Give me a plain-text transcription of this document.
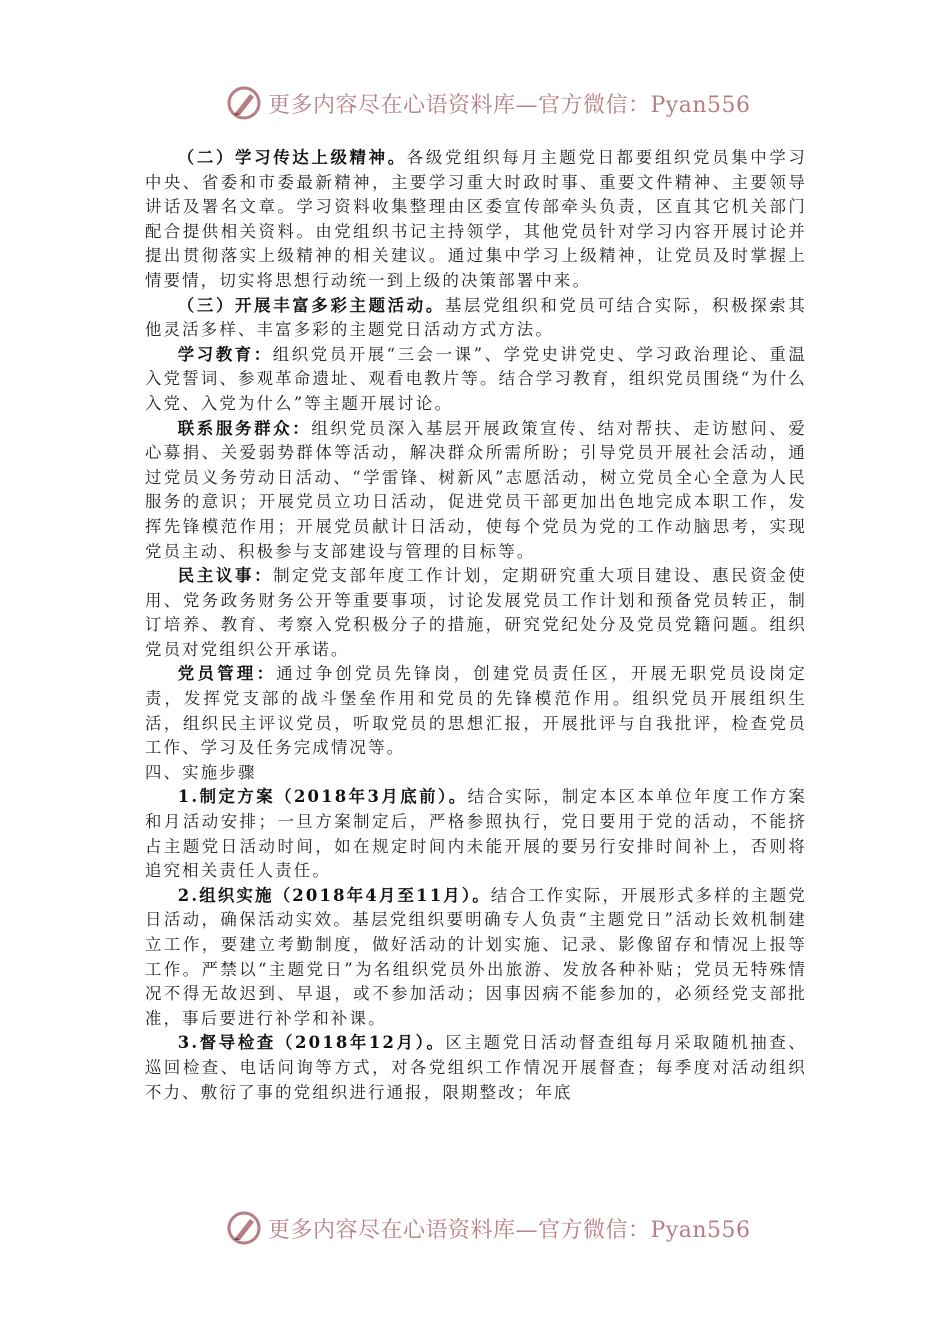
更多内容尽在心语资料库—官方微信：Pyan556

（二）学习传达上级精神。各级党组织每月主题党日都要组织党员集中学习中央、省委和市委最新精神，主要学习重大时政时事、重要文件精神、主要领导讲话及署名文章。学习资料收集整理由区委宣传部牵头负责，区直其它机关部门配合提供相关资料。由党组织书记主持领学，其他党员针对学习内容开展讨论并提出贯彻落实上级精神的相关建议。通过集中学习上级精神，让党员及时掌握上情要情，切实将思想行动统一到上级的决策部署中来。

（三）开展丰富多彩主题活动。基层党组织和党员可结合实际，积极探索其他灵活多样、丰富多彩的主题党日活动方式方法。

学习教育：组织党员开展“三会一课”、学党史讲党史、学习政治理论、重温入党誓词、参观革命遗址、观看电教片等。结合学习教育，组织党员围绕“为什么入党、入党为什么”等主题开展讨论。

联系服务群众：组织党员深入基层开展政策宣传、结对帮扶、走访慰问、爱心募捐、关爱弱势群体等活动，解决群众所需所盼；引导党员开展社会活动，通过党员义务劳动日活动、“学雷锋、树新风”志愿活动，树立党员全心全意为人民服务的意识；开展党员立功日活动，促进党员干部更加出色地完成本职工作，发挥先锋模范作用；开展党员献计日活动，使每个党员为党的工作动脑思考，实现党员主动、积极参与支部建设与管理的目标等。

民主议事：制定党支部年度工作计划，定期研究重大项目建设、惠民资金使用、党务政务财务公开等重要事项，讨论发展党员工作计划和预备党员转正，制订培养、教育、考察入党积极分子的措施，研究党纪处分及党员党籍问题。组织党员对党组织公开承诺。

党员管理：通过争创党员先锋岗，创建党员责任区，开展无职党员设岗定责，发挥党支部的战斗堡垒作用和党员的先锋模范作用。组织党员开展组织生活，组织民主评议党员，听取党员的思想汇报，开展批评与自我批评，检查党员工作、学习及任务完成情况等。

四、实施步骤

1.制定方案（2018年3月底前）。结合实际，制定本区本单位年度工作方案和月活动安排；一旦方案制定后，严格参照执行，党日要用于党的活动，不能挤占主题党日活动时间，如在规定时间内未能开展的要另行安排时间补上，否则将追究相关责任人责任。

2.组织实施（2018年4月至11月）。结合工作实际，开展形式多样的主题党日活动，确保活动实效。基层党组织要明确专人负责“主题党日”活动长效机制建立工作，要建立考勤制度，做好活动的计划实施、记录、影像留存和情况上报等工作。严禁以“主题党日”为名组织党员外出旅游、发放各种补贴；党员无特殊情况不得无故迟到、早退，或不参加活动；因事因病不能参加的，必须经党支部批准，事后要进行补学和补课。

3.督导检查（2018年12月）。区主题党日活动督查组每月采取随机抽查、巡回检查、电话问询等方式，对各党组织工作情况开展督查；每季度对活动组织不力、敷衍了事的党组织进行通报，限期整改；年底

更多内容尽在心语资料库—官方微信：Pyan556
